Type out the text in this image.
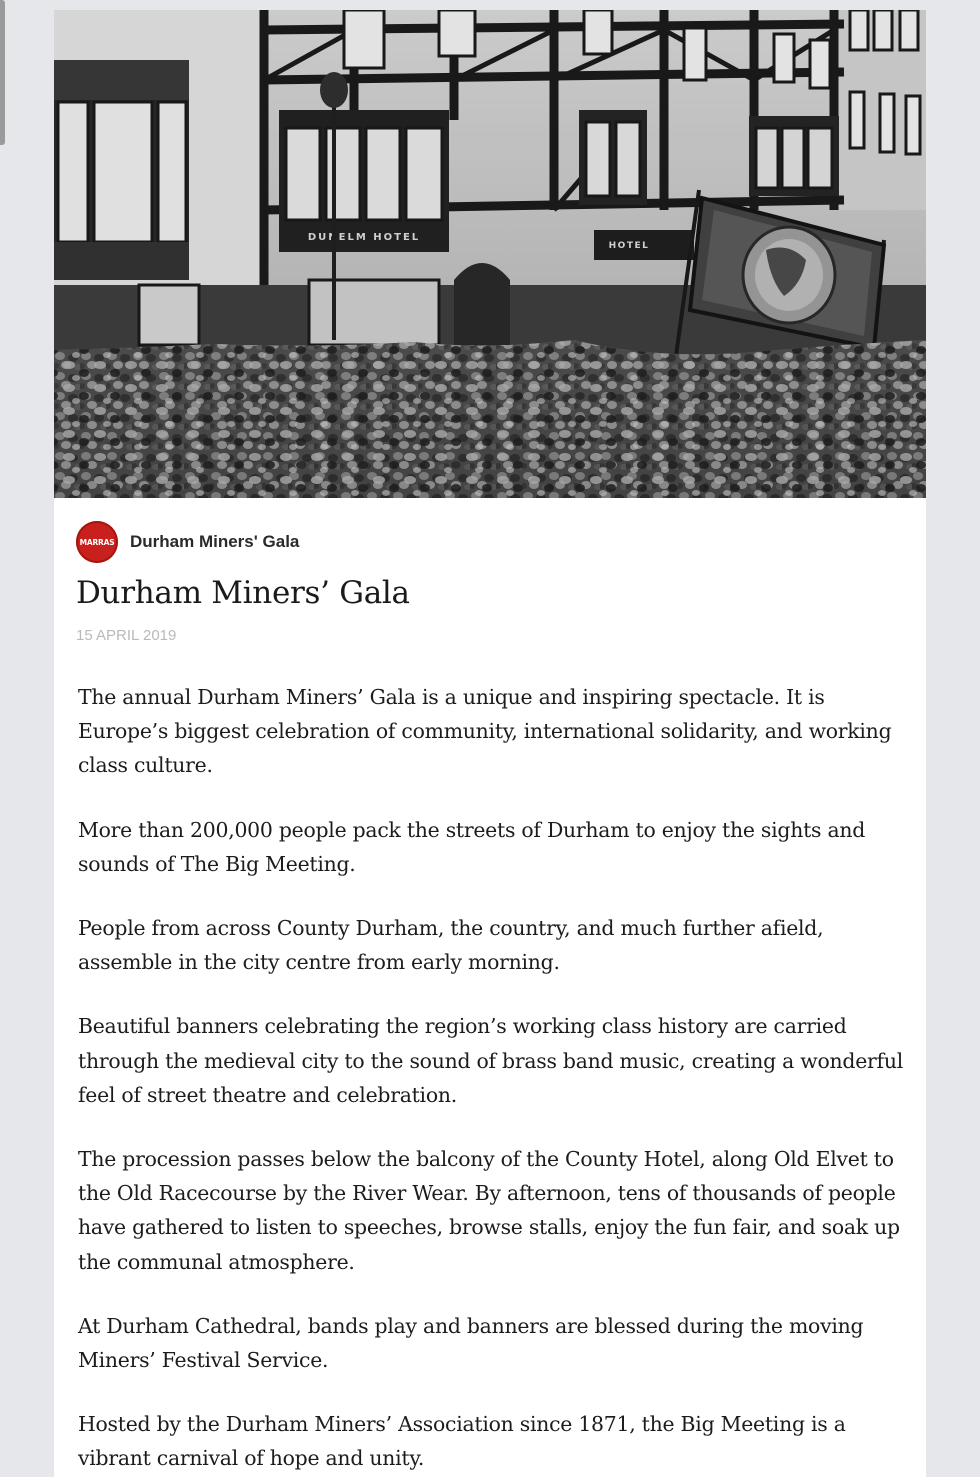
DUNELM HOTEL
HOTEL
MARRAS Durham Miners' Gala
Durham Miners’ Gala
15 APRIL 2019

The annual Durham Miners’ Gala is a unique and inspiring spectacle. It is Europe’s biggest celebration of community, international solidarity, and working class culture.

More than 200,000 people pack the streets of Durham to enjoy the sights and sounds of The Big Meeting.

People from across County Durham, the country, and much further afield, assemble in the city centre from early morning.

Beautiful banners celebrating the region’s working class history are carried through the medieval city to the sound of brass band music, creating a wonderful feel of street theatre and celebration.

The procession passes below the balcony of the County Hotel, along Old Elvet to the Old Racecourse by the River Wear. By afternoon, tens of thousands of people have gathered to listen to speeches, browse stalls, enjoy the fun fair, and soak up the communal atmosphere.

At Durham Cathedral, bands play and banners are blessed during the moving Miners’ Festival Service.

Hosted by the Durham Miners’ Association since 1871, the Big Meeting is a vibrant carnival of hope and unity.
